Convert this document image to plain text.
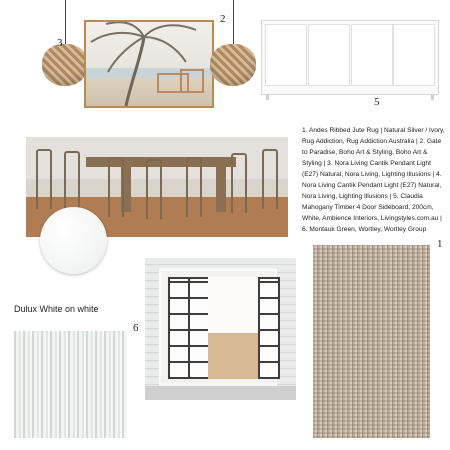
3
2
5
1. Andes Ribbed Jute Rug | Natural Silver / Ivory, Rug Addiction, Rug Addiction Australia | 2. Gate to Paradise, Boho Art & Styling, Boho Art & Styling | 3. Nora Living Cantik Pendant Light (E27) Natural, Nora Living, Lighting Illusions | 4. Nora Living Cantik Pendant Light (E27) Natural, Nora Living, Lighting Illusions | 5. Claudia Mahogany Timber 4 Door Sideboard, 200cm, White, Ambience Interiors, Livingstyles.com.au | 6. Montauk Green, Wortley, Wortley Group
Dulux White on white
6
1
